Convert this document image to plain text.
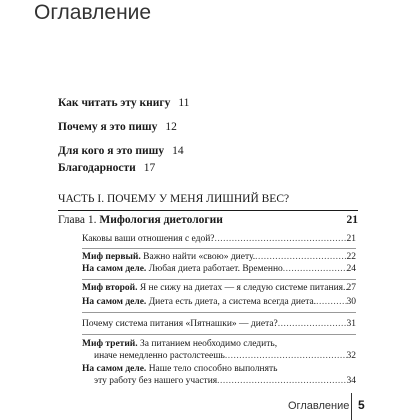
Оглавление
Как читать эту книгу 11
Почему я это пишу 12
Для кого я это пишу 14
Благодарности 17
ЧАСТЬ I. ПОЧЕМУ У МЕНЯ ЛИШНИЙ ВЕС?
Глава 1. Мифология диетологии	21
Каковы ваши отношения с едой? .....	21
Миф первый. Важно найти «свою» диету. .....	22
На самом деле. Любая диета работает. Временно .....	24
Миф второй. Я не сижу на диетах — я следую системе питания. ..... 27
На самом деле. Диета есть диета, а система всегда диета. .....	30
Почему система питания «Пятнашки» — диета? .....	31
Миф третий. За питанием необходимо следить,
иначе немедленно растолстеешь .....	32
На самом деле. Наше тело способно выполнять
эту работу без нашего участия .....	34
Оглавление 5
